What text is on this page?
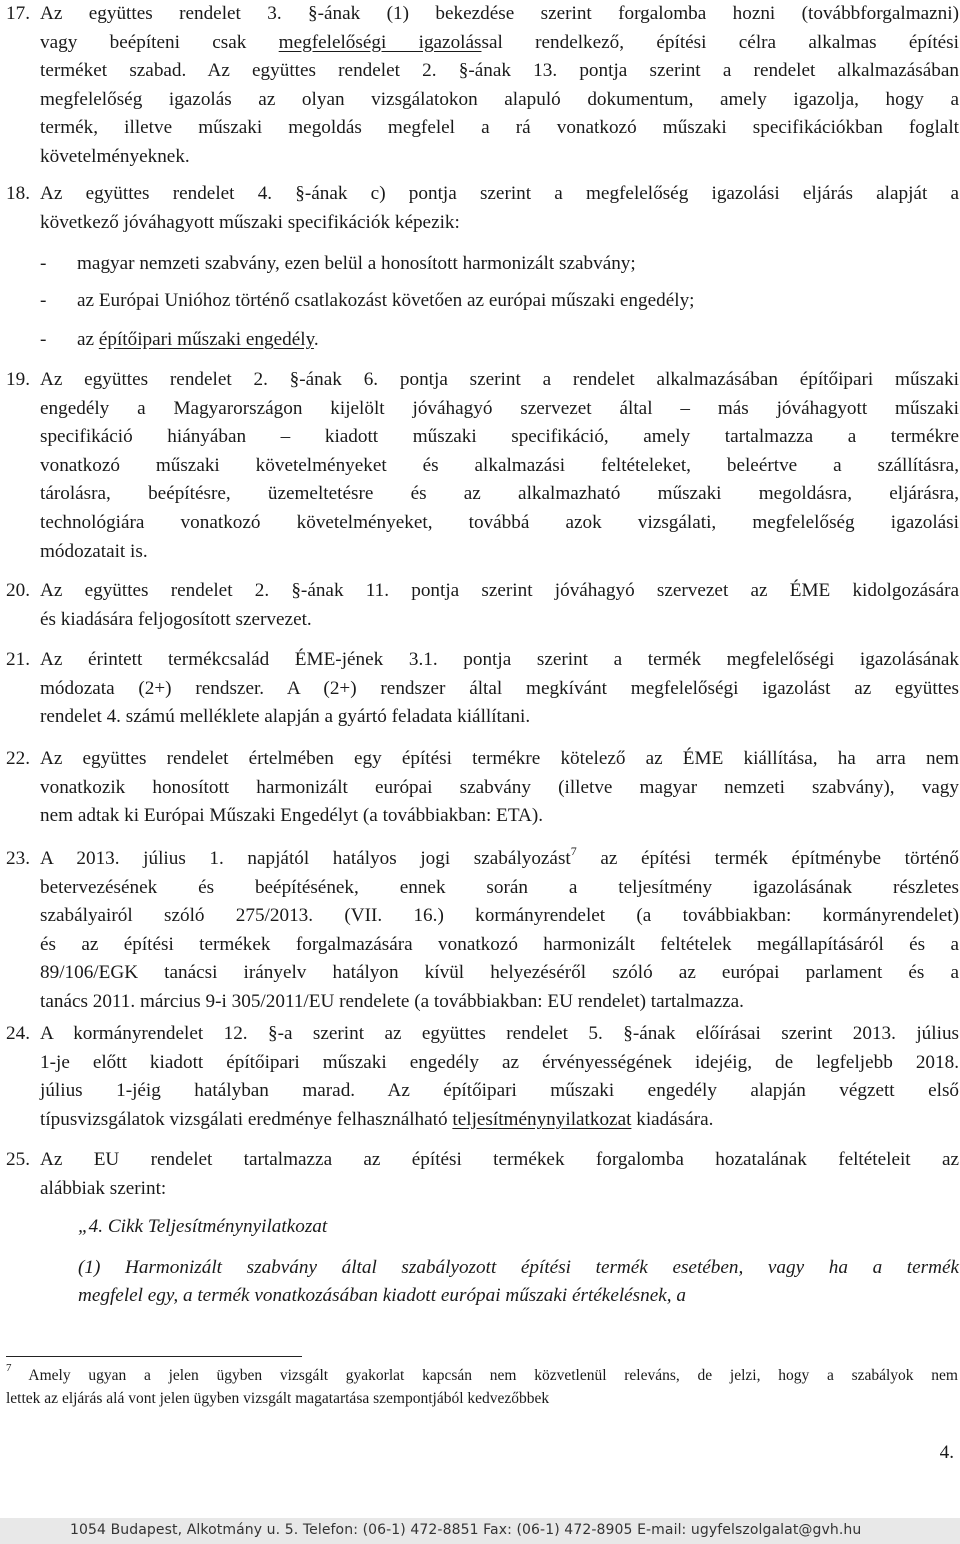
17. Az együttes rendelet 3. §-ának (1) bekezdése szerint forgalomba hozni (továbbforgalmazni)
vagy beépíteni csak megfelelőségi igazolással rendelkező, építési célra alkalmas építési
terméket szabad. Az együttes rendelet 2. §-ának 13. pontja szerint a rendelet alkalmazásában
megfelelőség igazolás az olyan vizsgálatokon alapuló dokumentum, amely igazolja, hogy a
termék, illetve műszaki megoldás megfelel a rá vonatkozó műszaki specifikációkban foglalt
követelményeknek.
18. Az együttes rendelet 4. §-ának c) pontja szerint a megfelelőség igazolási eljárás alapját a
következő jóváhagyott műszaki specifikációk képezik:
19. Az együttes rendelet 2. §-ának 6. pontja szerint a rendelet alkalmazásában építőipari műszaki
engedély a Magyarországon kijelölt jóváhagyó szervezet által – más jóváhagyott műszaki
specifikáció hiányában – kiadott műszaki specifikáció, amely tartalmazza a termékre
vonatkozó műszaki követelményeket és alkalmazási feltételeket, beleértve a szállításra,
tárolásra, beépítésre, üzemeltetésre és az alkalmazható műszaki megoldásra, eljárásra,
technológiára vonatkozó követelményeket, továbbá azok vizsgálati, megfelelőség igazolási
módozatait is.
20. Az együttes rendelet 2. §-ának 11. pontja szerint jóváhagyó szervezet az ÉME kidolgozására
és kiadására feljogosított szervezet.
21. Az érintett termékcsalád ÉME-jének 3.1. pontja szerint a termék megfelelőségi igazolásának
módozata (2+) rendszer. A (2+) rendszer által megkívánt megfelelőségi igazolást az együttes
rendelet 4. számú melléklete alapján a gyártó feladata kiállítani.
22. Az együttes rendelet értelmében egy építési termékre kötelező az ÉME kiállítása, ha arra nem
vonatkozik honosított harmonizált európai szabvány (illetve magyar nemzeti szabvány), vagy
nem adtak ki Európai Műszaki Engedélyt (a továbbiakban: ETA).
23. A 2013. július 1. napjától hatályos jogi szabályozást$^7$ az építési termék építménybe történő
betervezésének és beépítésének, ennek során a teljesítmény igazolásának részletes
szabályairól szóló 275/2013. (VII. 16.) kormányrendelet (a továbbiakban: kormányrendelet)
és az építési termékek forgalmazására vonatkozó harmonizált feltételek megállapításáról és a
89/106/EGK tanácsi irányelv hatályon kívül helyezéséről szóló az európai parlament és a
tanács 2011. március 9-i 305/2011/EU rendelete (a továbbiakban: EU rendelet) tartalmazza.
24. A kormányrendelet 12. §-a szerint az együttes rendelet 5. §-ának előírásai szerint 2013. július
1-je előtt kiadott építőipari műszaki engedély az érvényességének idejéig, de legfeljebb 2018.
július 1-jéig hatályban marad. Az építőipari műszaki engedély alapján végzett első
típusvizsgálatok vizsgálati eredménye felhasználható teljesítménynyilatkozat kiadására.
25. Az EU rendelet tartalmazza az építési termékek forgalomba hozatalának feltételeit az
alábbiak szerint:
- magyar nemzeti szabvány, ezen belül a honosított harmonizált szabvány;
- az Európai Unióhoz történő csatlakozást követően az európai műszaki engedély;
- az építőipari műszaki engedély.
„4. Cikk Teljesítménynyilatkozat
(1) Harmonizált szabvány által szabályozott építési termék esetében, vagy ha a termék
megfelel egy, a termék vonatkozásában kiadott európai műszaki értékelésnek, a
$^7$ Amely ugyan a jelen ügyben vizsgált gyakorlat kapcsán nem közvetlenül releváns, de jelzi, hogy a szabályok nem
lettek az eljárás alá vont jelen ügyben vizsgált magatartása szempontjából kedvezőbbek
4.
1054 Budapest, Alkotmány u. 5. Telefon: (06-1) 472-8851 Fax: (06-1) 472-8905 E-mail: ugyfelszolgalat@gvh.hu
